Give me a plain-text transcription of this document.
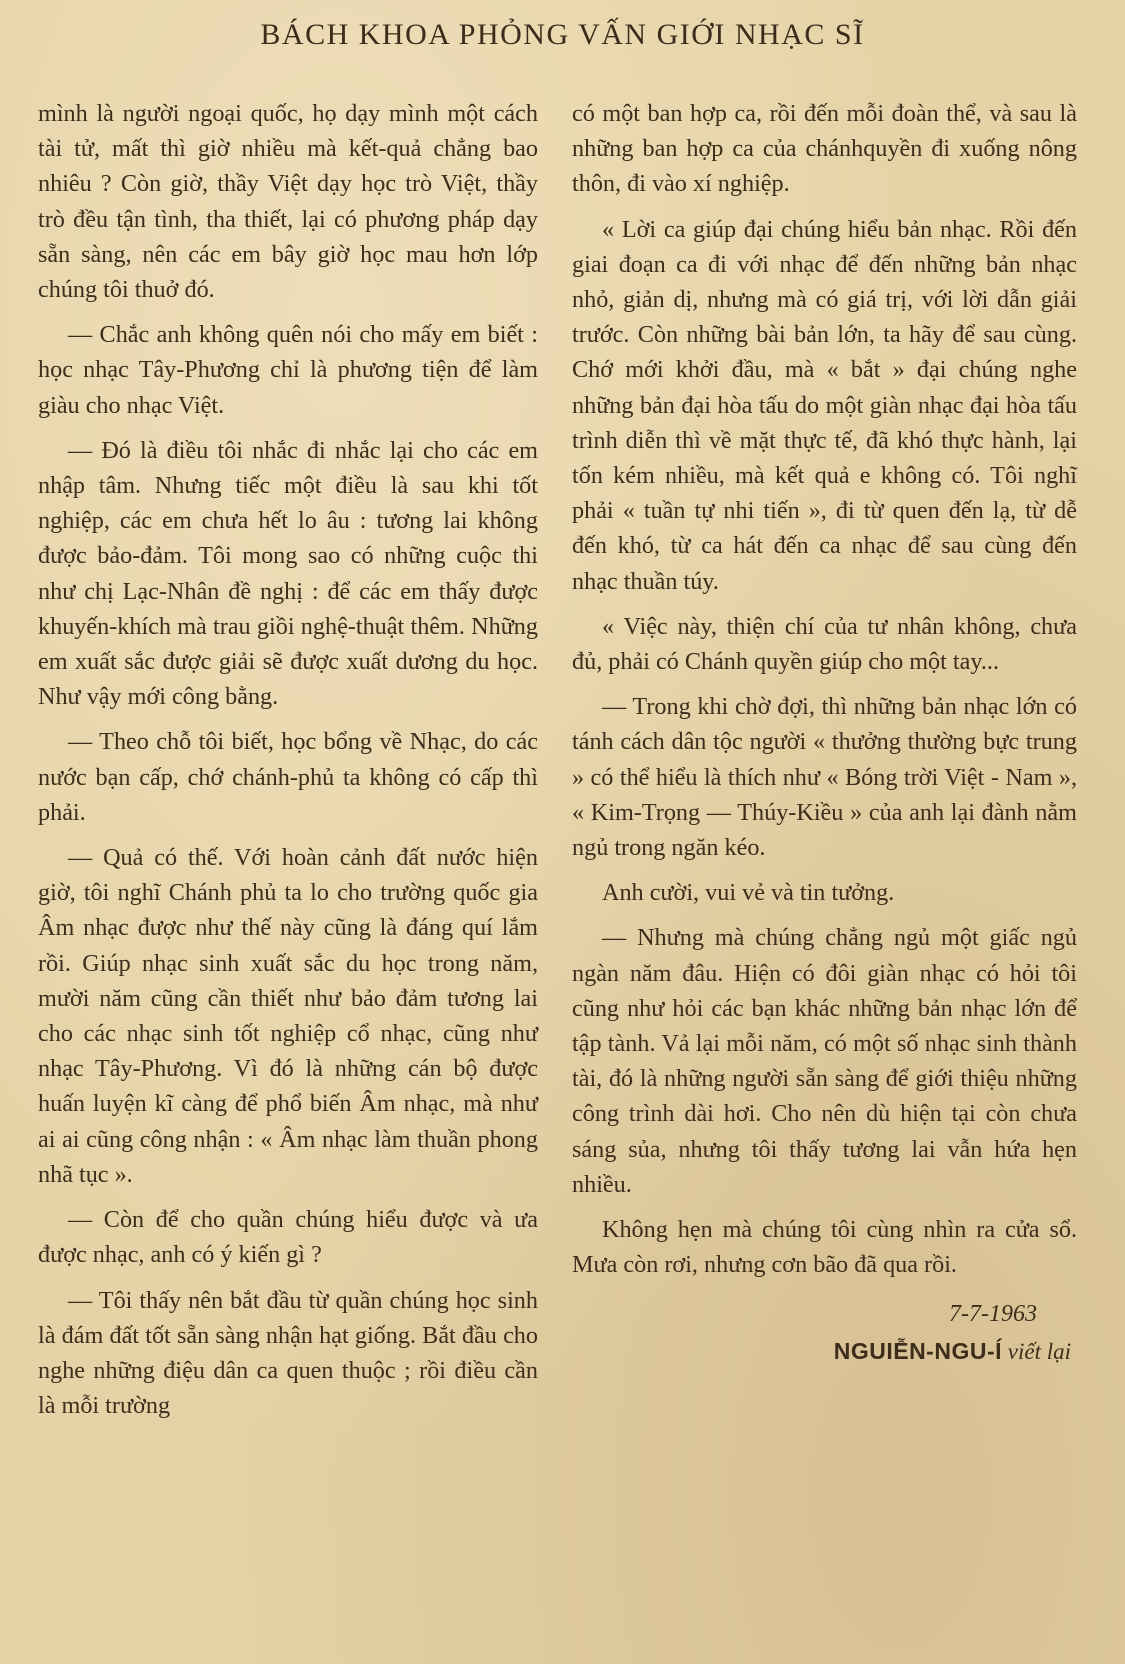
BÁCH KHOA PHỎNG VẤN GIỚI NHẠC SĨ

mình là người ngoại quốc, họ dạy mình một cách tài tử, mất thì giờ nhiều mà kết-quả chẳng bao nhiêu ? Còn giờ, thầy Việt dạy học trò Việt, thầy trò đều tận tình, tha thiết, lại có phương pháp dạy sẵn sàng, nên các em bây giờ học mau hơn lớp chúng tôi thuở đó.

— Chắc anh không quên nói cho mấy em biết : học nhạc Tây-Phương chỉ là phương tiện để làm giàu cho nhạc Việt.

— Đó là điều tôi nhắc đi nhắc lại cho các em nhập tâm. Nhưng tiếc một điều là sau khi tốt nghiệp, các em chưa hết lo âu : tương lai không được bảo-đảm. Tôi mong sao có những cuộc thi như chị Lạc-Nhân đề nghị : để các em thấy được khuyến-khích mà trau giồi nghệ-thuật thêm. Những em xuất sắc được giải sẽ được xuất dương du học. Như vậy mới công bằng.

— Theo chỗ tôi biết, học bổng về Nhạc, do các nước bạn cấp, chớ chánh-phủ ta không có cấp thì phải.

— Quả có thế. Với hoàn cảnh đất nước hiện giờ, tôi nghĩ Chánh phủ ta lo cho trường quốc gia Âm nhạc được như thế này cũng là đáng quí lắm rồi. Giúp nhạc sinh xuất sắc du học trong năm, mười năm cũng cần thiết như bảo đảm tương lai cho các nhạc sinh tốt nghiệp cổ nhạc, cũng như nhạc Tây-Phương. Vì đó là những cán bộ được huấn luyện kĩ càng để phổ biến Âm nhạc, mà như ai ai cũng công nhận : « Âm nhạc làm thuần phong nhã tục ».

— Còn để cho quần chúng hiểu được và ưa được nhạc, anh có ý kiến gì ?

— Tôi thấy nên bắt đầu từ quần chúng học sinh là đám đất tốt sẵn sàng nhận hạt giống. Bắt đầu cho nghe những điệu dân ca quen thuộc ; rồi điều cần là mỗi trường

có một ban hợp ca, rồi đến mỗi đoàn thể, và sau là những ban hợp ca của chánhquyền đi xuống nông thôn, đi vào xí nghiệp.

« Lời ca giúp đại chúng hiểu bản nhạc. Rồi đến giai đoạn ca đi với nhạc để đến những bản nhạc nhỏ, giản dị, nhưng mà có giá trị, với lời dẫn giải trước. Còn những bài bản lớn, ta hãy để sau cùng. Chớ mới khởi đầu, mà « bắt » đại chúng nghe những bản đại hòa tấu do một giàn nhạc đại hòa tấu trình diễn thì về mặt thực tế, đã khó thực hành, lại tốn kém nhiều, mà kết quả e không có. Tôi nghĩ phải « tuần tự nhi tiến », đi từ quen đến lạ, từ dễ đến khó, từ ca hát đến ca nhạc để sau cùng đến nhạc thuần túy.

« Việc này, thiện chí của tư nhân không, chưa đủ, phải có Chánh quyền giúp cho một tay...

— Trong khi chờ đợi, thì những bản nhạc lớn có tánh cách dân tộc người « thưởng thường bực trung » có thể hiểu là thích như « Bóng trời Việt - Nam », « Kim-Trọng — Thúy-Kiều » của anh lại đành nằm ngủ trong ngăn kéo.

Anh cười, vui vẻ và tin tưởng.

— Nhưng mà chúng chẳng ngủ một giấc ngủ ngàn năm đâu. Hiện có đôi giàn nhạc có hỏi tôi cũng như hỏi các bạn khác những bản nhạc lớn để tập tành. Vả lại mỗi năm, có một số nhạc sinh thành tài, đó là những người sẵn sàng để giới thiệu những công trình dài hơi. Cho nên dù hiện tại còn chưa sáng sủa, nhưng tôi thấy tương lai vẫn hứa hẹn nhiều.

Không hẹn mà chúng tôi cùng nhìn ra cửa sổ. Mưa còn rơi, nhưng cơn bão đã qua rồi.

7-7-1963
NGUIỄN-NGU-Í viết lại
